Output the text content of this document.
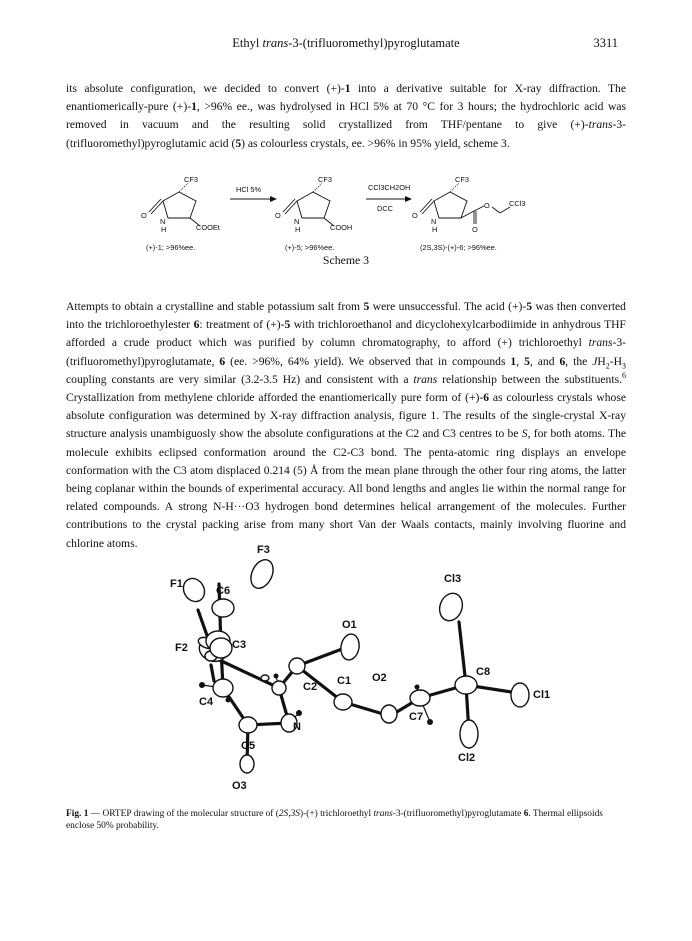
Ethyl trans-3-(trifluoromethyl)pyroglutamate	3311

its absolute configuration, we decided to convert (+)-1 into a derivative suitable for X-ray diffraction. The enantiomerically-pure (+)-1, >96% ee., was hydrolysed in HCl 5% at 70 °C for 3 hours; the hydrochloric acid was removed in vacuum and the resulting solid crystallized from THF/pentane to give (+)-trans-3-(trifluoromethyl)pyroglutamic acid (5) as colourless crystals, ee. >96% in 95% yield, scheme 3.

CF3
O
N
H	COOEt
(+)-1; >96%ee.
HCl 5%
CF3
O
N
H	COOH
(+)-5; >96%ee.
CCl3CH2OH
DCC
CF3
O
N
H
O
O
CCl3
(2S,3S)-(+)-6; >96%ee.
Scheme 3

Attempts to obtain a crystalline and stable potassium salt from 5 were unsuccessful. The acid (+)-5 was then converted into the trichloroethylester 6: treatment of (+)-5 with trichloroethanol and dicyclohexylcarbodiimide in anhydrous THF afforded a crude product which was purified by column chromatography, to afford (+) trichloroethyl trans-3-(trifluoromethyl)pyroglutamate, 6 (ee. >96%, 64% yield). We observed that in compounds 1, 5, and 6, the $JH_2-H_3$ coupling constants are very similar (3.2-3.5 Hz) and consistent with a trans relationship between the substituents.$^6$ Crystallization from methylene chloride afforded the enantiomerically pure form of (+)-6 as colourless crystals whose absolute configuration was determined by X-ray diffraction analysis, figure 1. The results of the single-crystal X-ray structure analysis unambiguosly show the absolute configurations at the C2 and C3 centres to be S, for both atoms. The molecule exhibits eclipsed conformation around the C2-C3 bond. The penta-atomic ring displays an envelope conformation with the C3 atom displaced 0.214 (5) Å from the mean plane through the other four ring atoms, the latter being coplanar within the bounds of experimental accuracy. All bond lengths and angles lie within the normal range for related compounds. A strong N-H···O3 hydrogen bond determines helical arrangement of the molecules. Further contributions to the crystal packing arise from many short Van der Waals contacts, mainly involving fluorine and chlorine atoms.

F3
F1
C6
O1
Cl3
F2	C3
C8
C2 C1 O2
Cl1
C4
C7
N
Cl2
C5
O3

Fig. 1 — ORTEP drawing of the molecular structure of (2S,3S)-(+) trichloroethyl trans-3-(trifluoromethyl)pyroglutamate 6. Thermal ellipsoids enclose 50% probability.
